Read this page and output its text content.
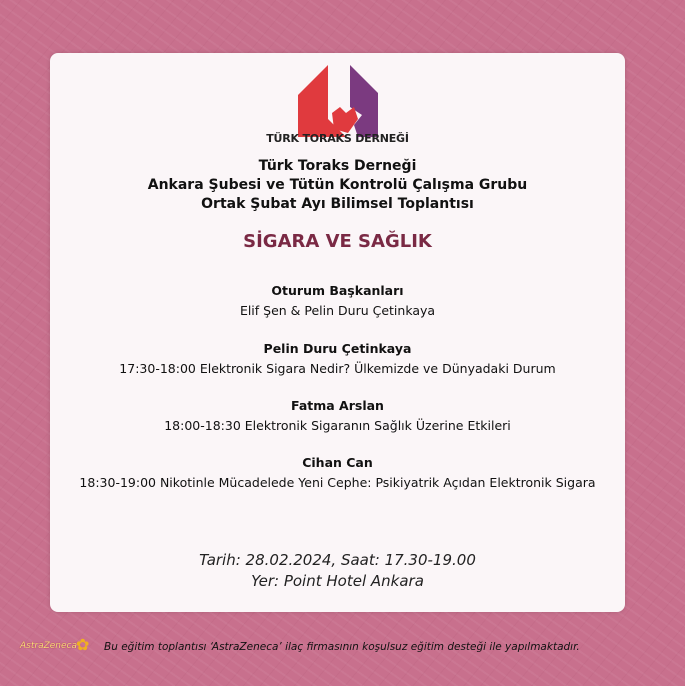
TÜRK TORAKS DERNEĞİ
Türk Toraks Derneği
Ankara Şubesi ve Tütün Kontrolü Çalışma Grubu
Ortak Şubat Ayı Bilimsel Toplantısı
SİGARA VE SAĞLIK
Oturum Başkanları
Elif Şen & Pelin Duru Çetinkaya
Pelin Duru Çetinkaya
17:30-18:00 Elektronik Sigara Nedir? Ülkemizde ve Dünyadaki Durum
Fatma Arslan
18:00-18:30 Elektronik Sigaranın Sağlık Üzerine Etkileri
Cihan Can
18:30-19:00 Nikotinle Mücadelede Yeni Cephe: Psikiyatrik Açıdan Elektronik Sigara
Tarih: 28.02.2024, Saat: 17.30-19.00
Yer: Point Hotel Ankara
AstraZeneca ✿ Bu eğitim toplantısı ‘AstraZeneca’ ilaç firmasının koşulsuz eğitim desteği ile yapılmaktadır.
